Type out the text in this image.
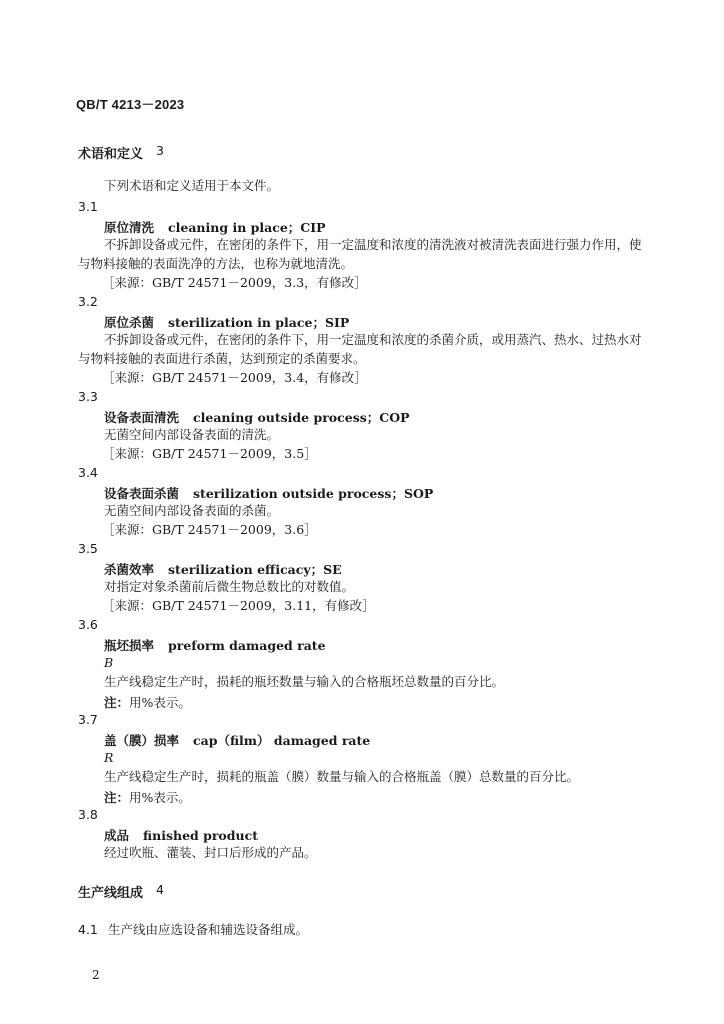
QB/T 4213－2023
3
术语和定义
下列术语和定义适用于本文件。
3.1
原位清洗 cleaning in place；CIP
不拆卸设备或元件，在密闭的条件下，用一定温度和浓度的清洗液对被清洗表面进行强力作用，使
与物料接触的表面洗净的方法，也称为就地清洗。
［来源：GB/T 24571－2009，3.3，有修改］
3.2
原位杀菌 sterilization in place；SIP
不拆卸设备或元件，在密闭的条件下，用一定温度和浓度的杀菌介质，或用蒸汽、热水、过热水对
与物料接触的表面进行杀菌，达到预定的杀菌要求。
［来源：GB/T 24571－2009，3.4，有修改］
3.3
设备表面清洗 cleaning outside process；COP
无菌空间内部设备表面的清洗。
［来源：GB/T 24571－2009，3.5］
3.4
设备表面杀菌 sterilization outside process；SOP
无菌空间内部设备表面的杀菌。
［来源：GB/T 24571－2009，3.6］
3.5
杀菌效率 sterilization efficacy；SE
对指定对象杀菌前后微生物总数比的对数值。
［来源：GB/T 24571－2009，3.11，有修改］
3.6
瓶坯损率 preform damaged rate
B
生产线稳定生产时，损耗的瓶坯数量与输入的合格瓶坯总数量的百分比。
注：用%表示。
3.7
盖（膜）损率 cap（film） damaged rate
R
生产线稳定生产时，损耗的瓶盖（膜）数量与输入的合格瓶盖（膜）总数量的百分比。
注：用%表示。
3.8
成品 finished product
经过吹瓶、灌装、封口后形成的产品。
4
生产线组成
4.1 生产线由应选设备和辅选设备组成。
2
